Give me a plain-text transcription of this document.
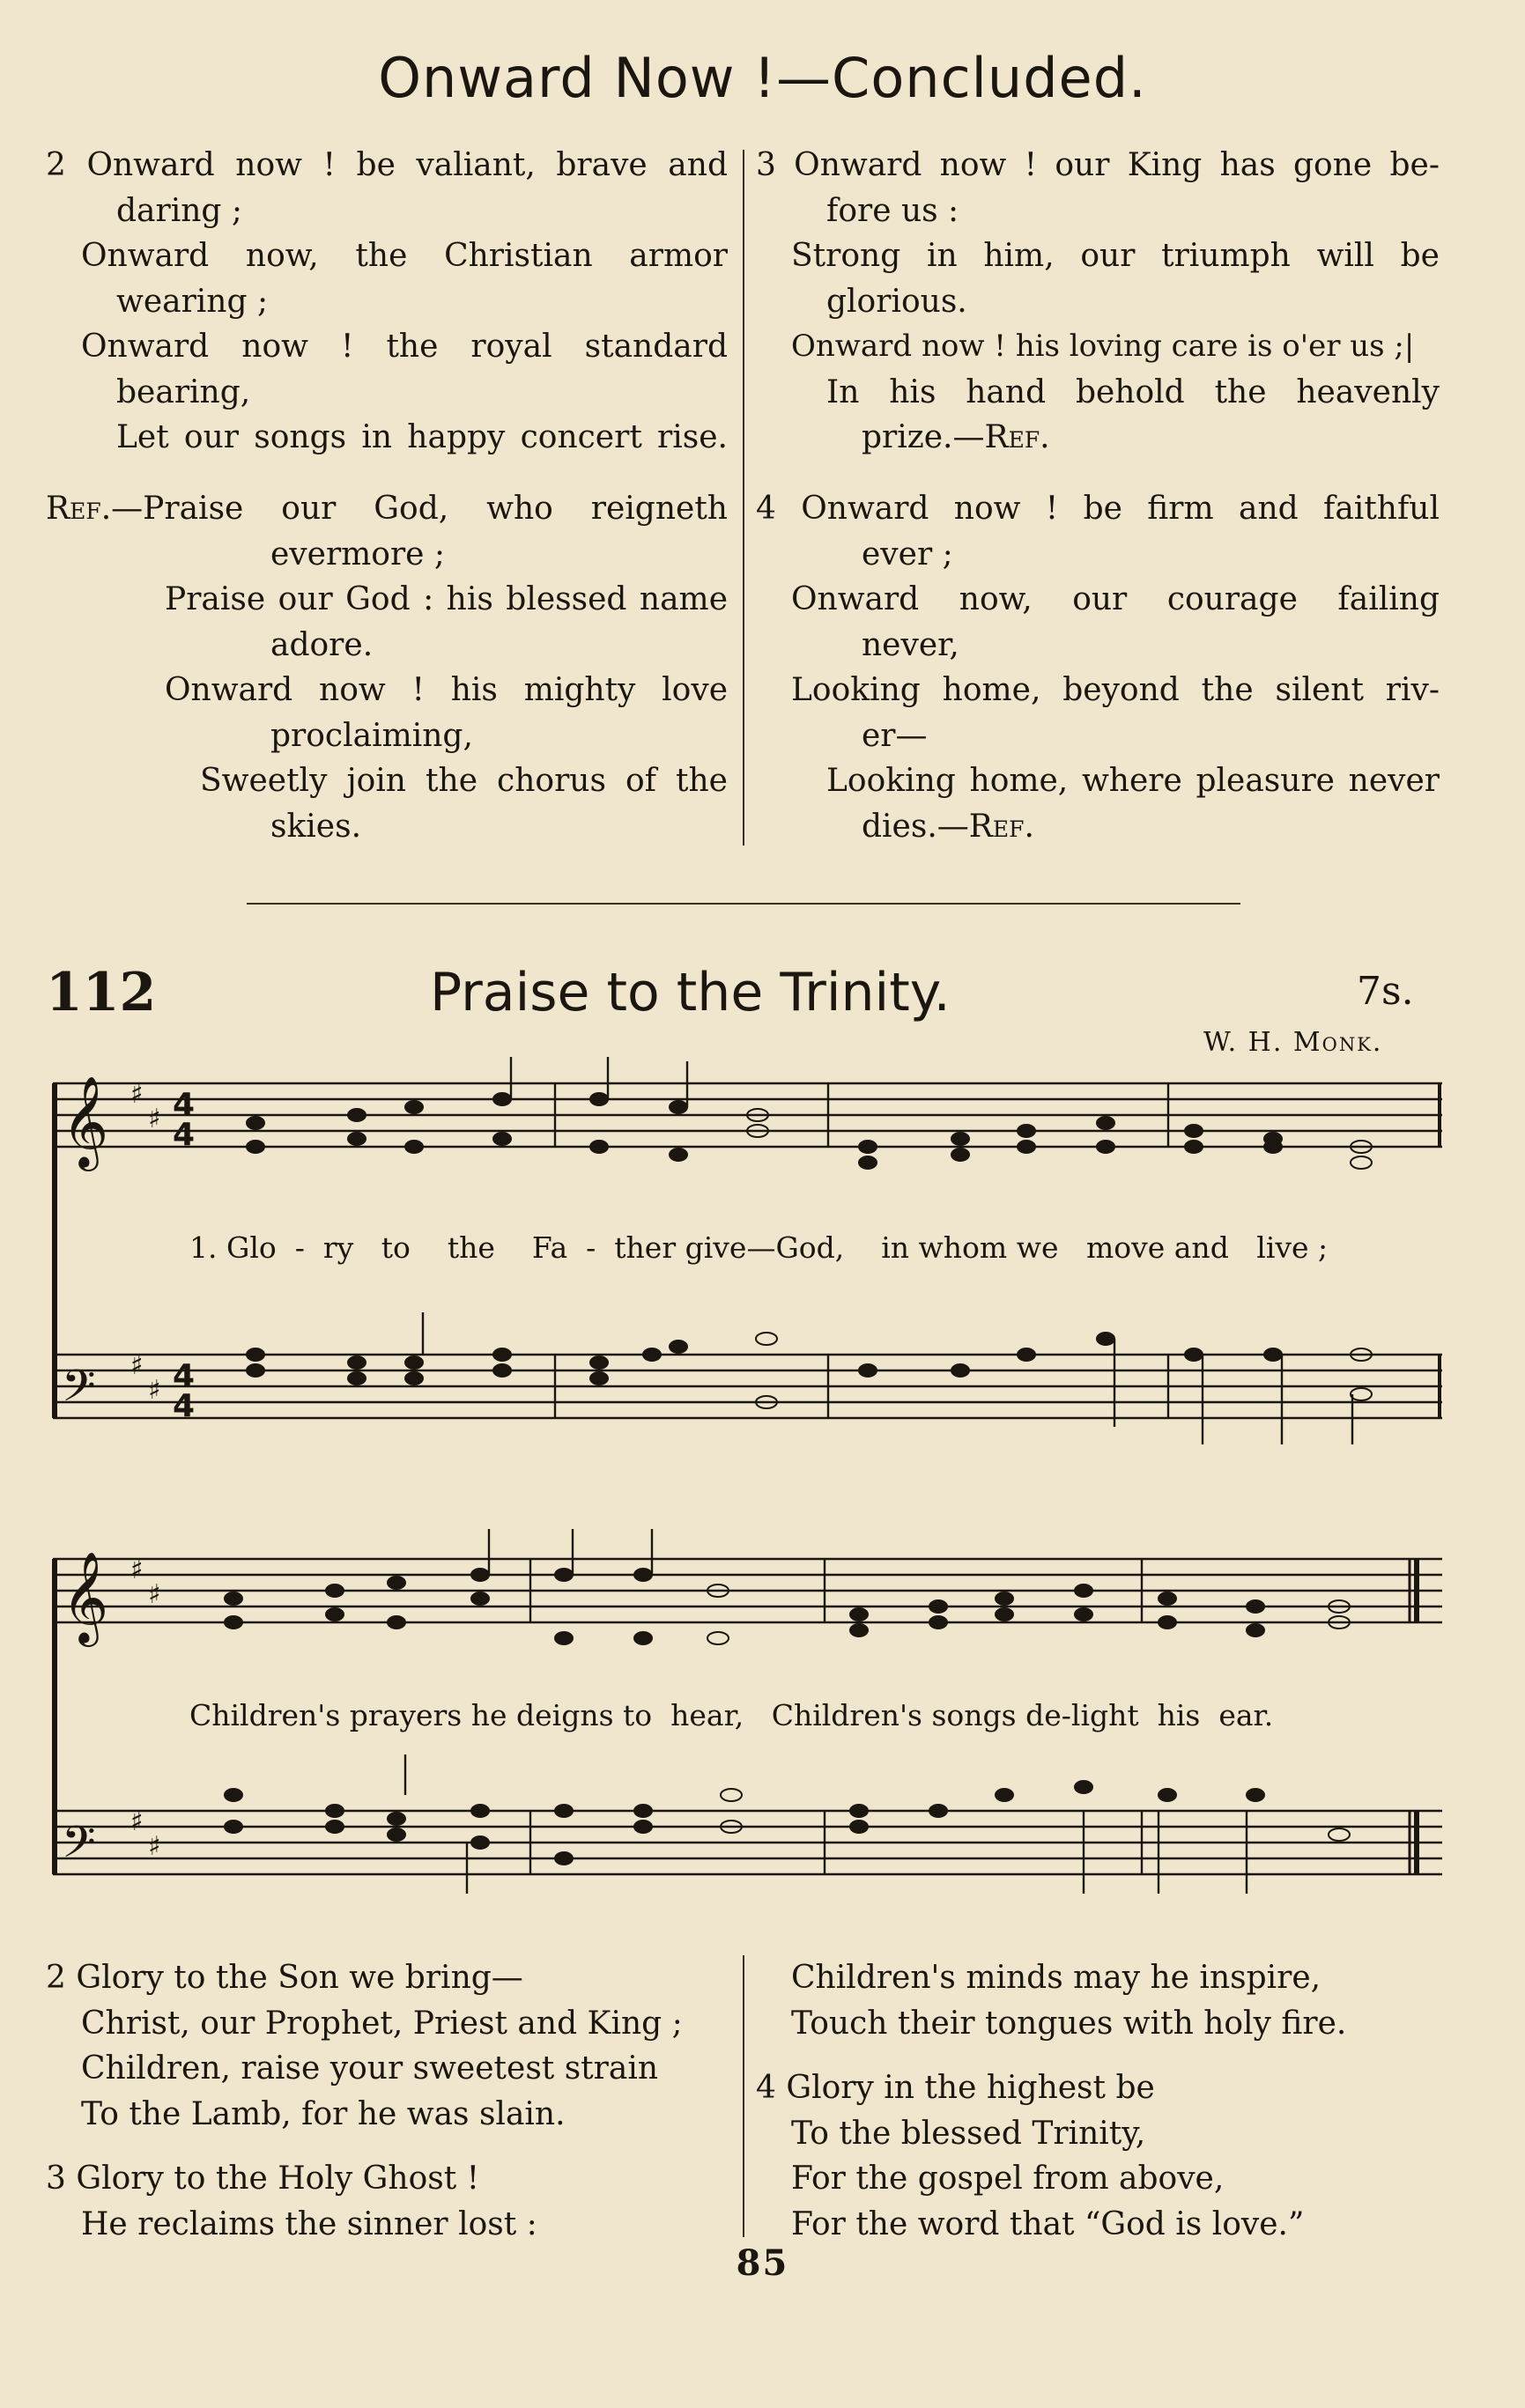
Onward Now !—Concluded.
2 Onward now ! be valiant, brave and
daring ;
Onward now, the Christian armor
wearing ;
Onward now ! the royal standard
bearing,
Let our songs in happy concert rise.
Ref. —Praise our God, who reigneth
evermore ;
Praise our God : his blessed name
adore.
Onward now ! his mighty love
proclaiming,
Sweetly join the chorus of the
skies.
3 Onward now ! our King has gone be-
fore us :
Strong in him, our triumph will be
glorious.
Onward now ! his loving care is o'er us ;|
In his hand behold the heavenly
prize.—Ref.
4 Onward now ! be firm and faithful
ever ;
Onward now, our courage failing
never,
Looking home, beyond the silent riv-
er—
Looking home, where pleasure never
dies.—Ref.
112	Praise to the Trinity.	7s.
W. H. Monk.
𝄞
𝄢
♯
♯
♯
♯
4
4
4
4
1. Glo  -  ry   to    the    Fa  -  ther give—God,    in whom we   move and   live ;
𝄞
𝄢
♯
♯
♯
♯
Children's prayers he deigns to  hear,   Children's songs de-light  his  ear.
2 Glory to the Son we bring—
Christ, our Prophet, Priest and King ;
Children, raise your sweetest strain
To the Lamb, for he was slain.
3 Glory to the Holy Ghost !
He reclaims the sinner lost :
Children's minds may he inspire,
Touch their tongues with holy fire.
4 Glory in the highest be
To the blessed Trinity,
For the gospel from above,
For the word that “God is love.”
85
